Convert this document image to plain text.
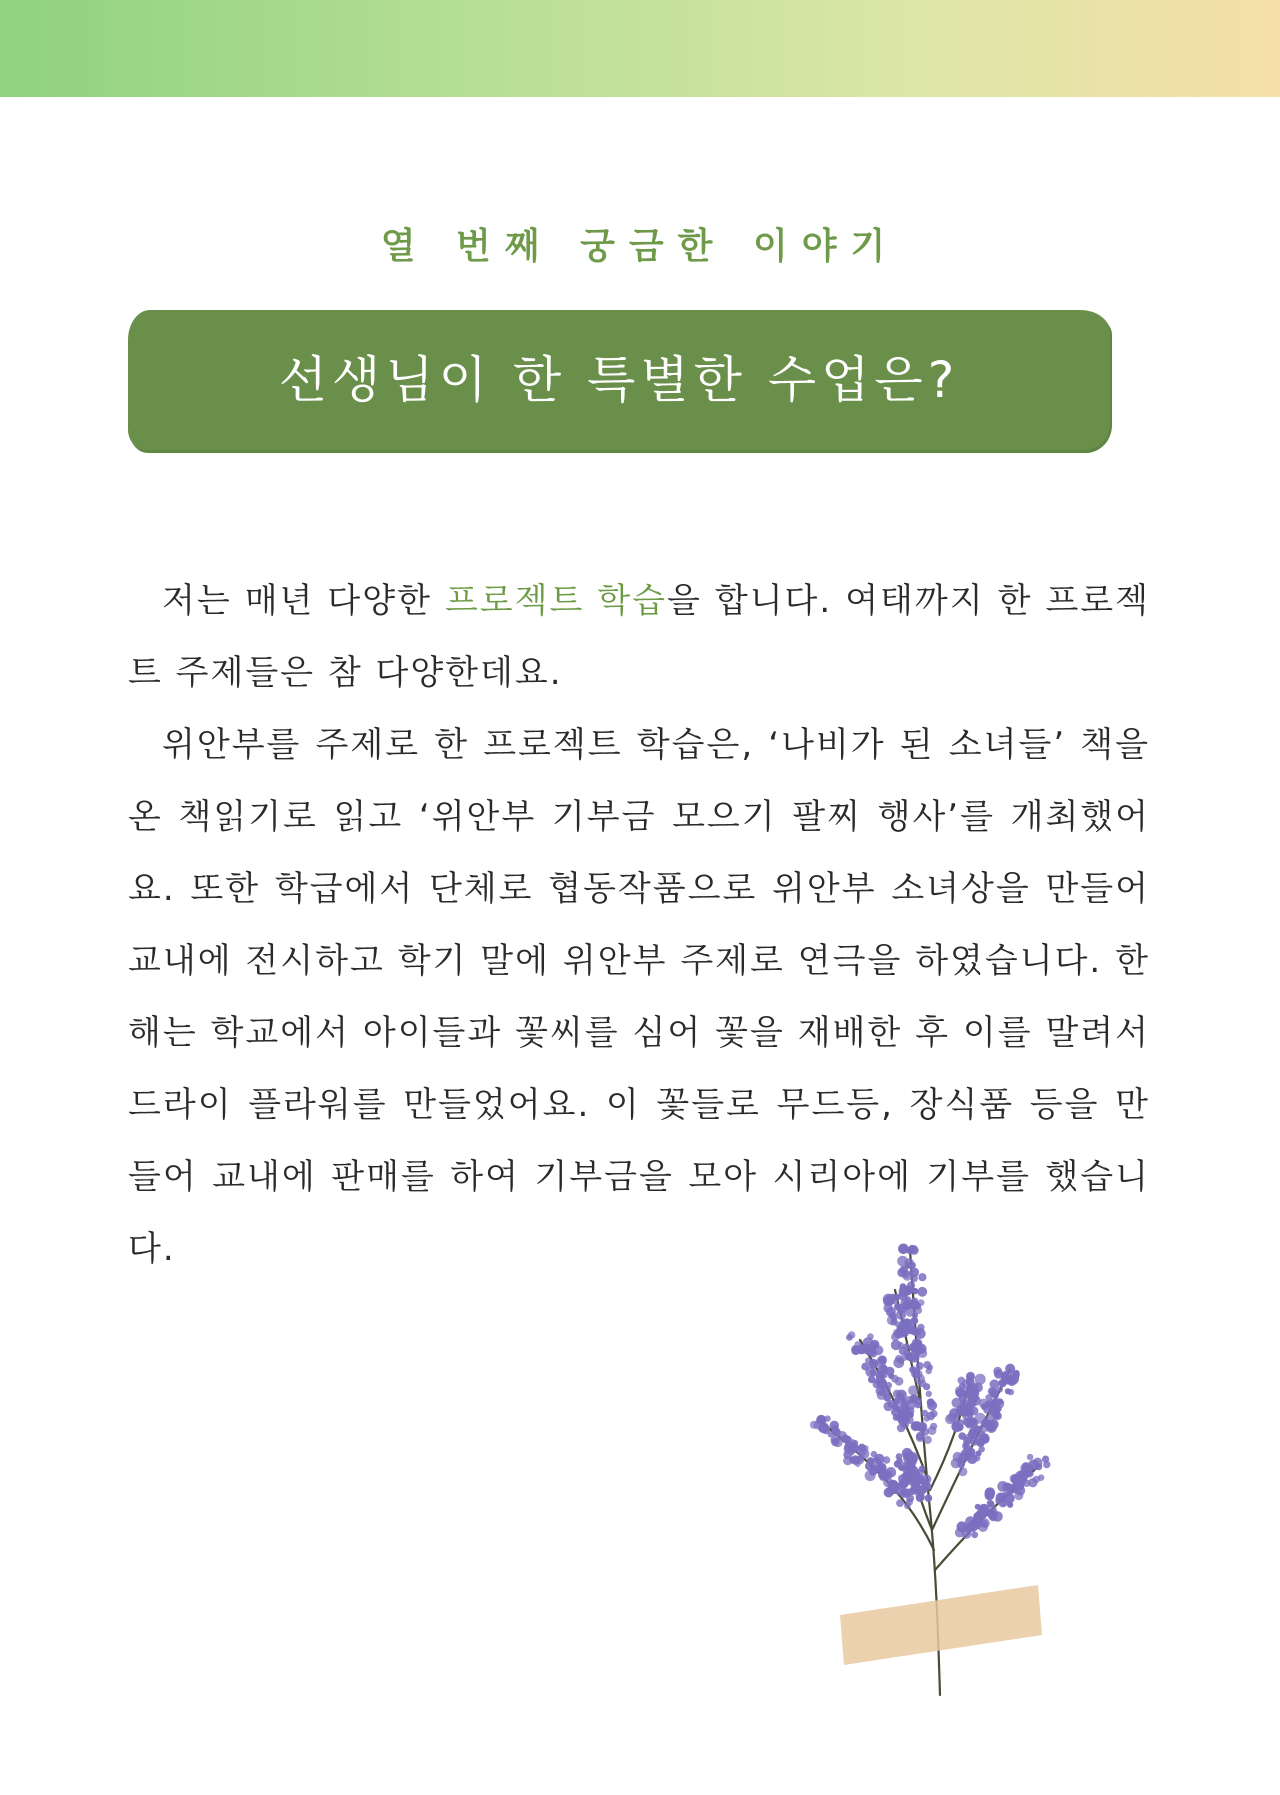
열 번째 궁금한 이야기
선생님이 한 특별한 수업은?

저는 매년 다양한 프로젝트 학습을 합니다. 여태까지 한 프로젝트 주제들은 참 다양한데요.

위안부를 주제로 한 프로젝트 학습은, ‘나비가 된 소녀들’ 책을 온 책읽기로 읽고 ‘위안부 기부금 모으기 팔찌 행사’를 개최했어요. 또한 학급에서 단체로 협동작품으로 위안부 소녀상을 만들어 교내에 전시하고 학기 말에 위안부 주제로 연극을 하였습니다. 한 해는 학교에서 아이들과 꽃씨를 심어 꽃을 재배한 후 이를 말려서 드라이 플라워를 만들었어요. 이 꽃들로 무드등, 장식품 등을 만들어 교내에 판매를 하여 기부금을 모아 시리아에 기부를 했습니다.
